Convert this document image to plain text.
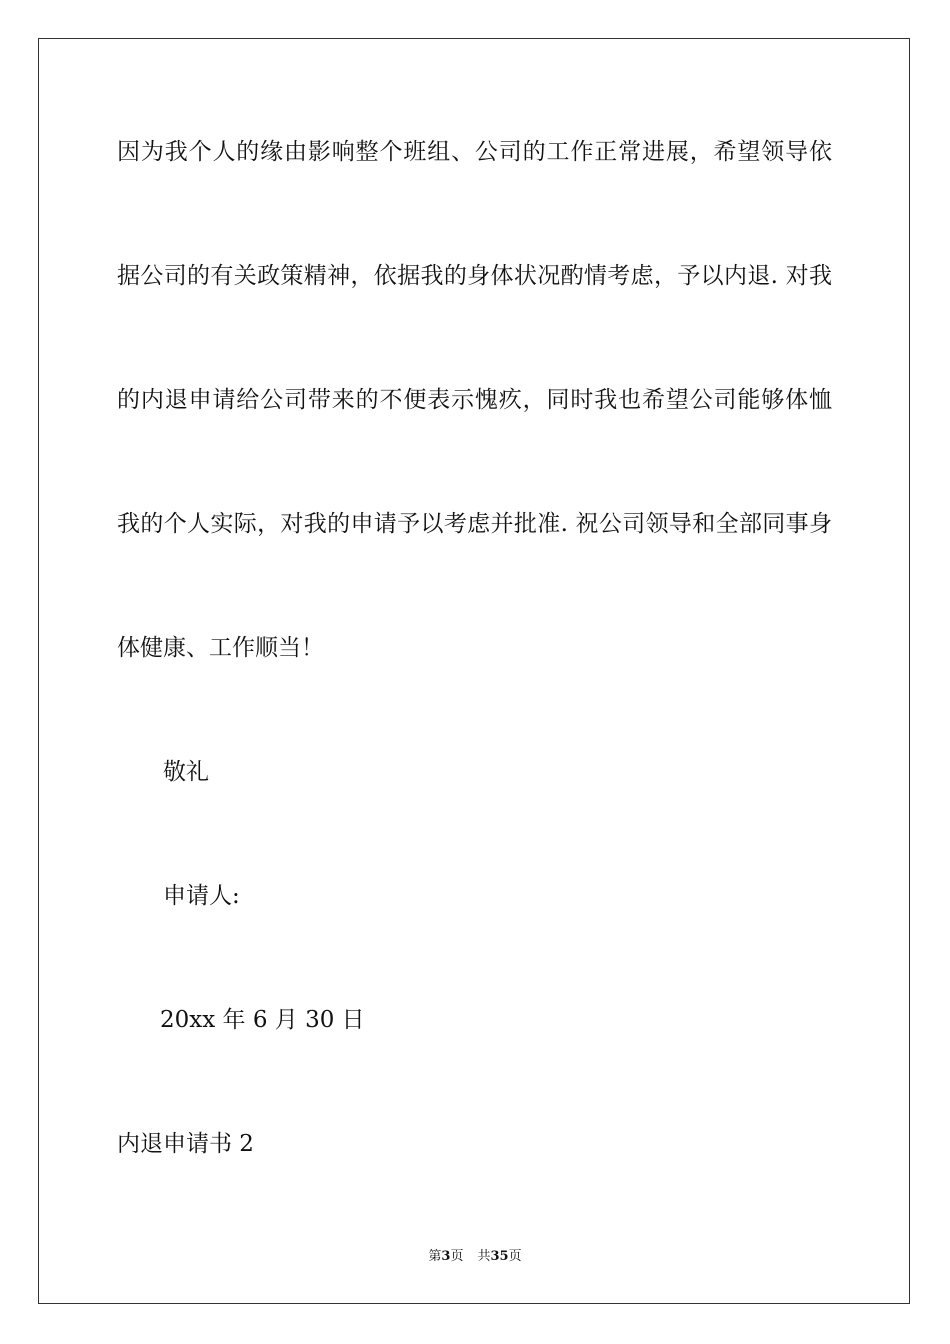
因为我个人的缘由影响整个班组、公司的工作正常进展，希望领导依
据公司的有关政策精神，依据我的身体状况酌情考虑，予以内退. 对我
的内退申请给公司带来的不便表示愧疚，同时我也希望公司能够体恤
我的个人实际，对我的申请予以考虑并批准. 祝公司领导和全部同事身
体健康、工作顺当！
敬礼
申请人:
20xx 年 6 月 30 日
内退申请书 2
第3页 共35页
